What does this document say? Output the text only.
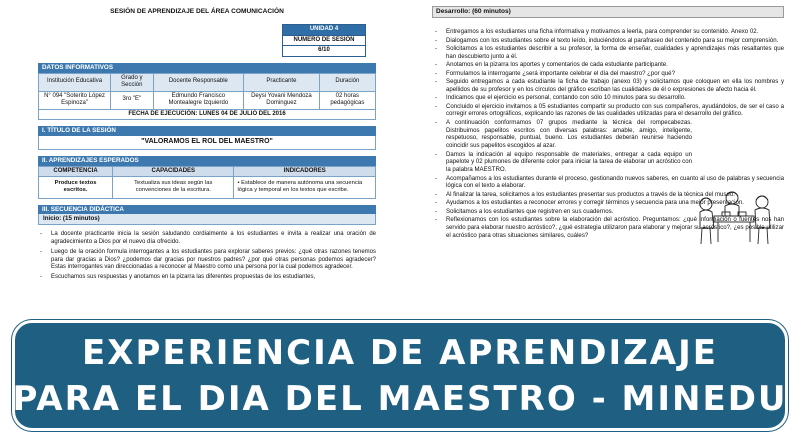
SESIÓN DE APRENDIZAJE DEL ÁREA COMUNICACIÓN
UNIDAD 4
NÚMERO DE SESIÓN
6/10
DATOS INFORMATIVOS
Institución Educativa	Grado y Sección	Docente Responsable	Practicante	Duración
N° 094 "Soterito López Espinoza"	3ro "E"	Edmundo Francisco Montealegre Izquierdo	Deysi Yovani Mendoza Dominguez	02 horas pedagógicas
FECHA DE EJECUCIÓN: LUNES 04 DE JULIO DEL 2016
I. TÍTULO DE LA SESIÓN
"VALORAMOS EL ROL DEL MAESTRO"
II. APRENDIZAJES ESPERADOS
COMPETENCIA	CAPACIDADES	INDICADORES
Produce textos escritos.	Textualiza sus ideas según las convenciones de la escritura.	• Establece de manera autónoma una secuencia lógica y temporal en los textos que escribe.
III. SECUENCIA DIDÁCTICA
Inicio: (15 minutos)
- La docente practicante inicia la sesión saludando cordialmente a los estudiantes e invita a realizar una oración de agradecimiento a Dios por el nuevo día ofrecido.
- Luego de la oración formula interrogantes a los estudiantes para explorar saberes previos: ¿qué otras razones tenemos para dar gracias a Dios? ¿podemos dar gracias por nuestros padres? ¿por qué otras personas podemos agradecer? Estas interrogantes van direccionadas a reconocer al Maestro como una persona por la cual podemos agradecer.
- Escuchamos sus respuestas y anotamos en la pizarra las diferentes propuestas de los estudiantes,
Desarrollo: (60 minutos)
- Entregamos a los estudiantes una ficha informativa y motivamos a leerla, para comprender su contenido. Anexo 02.
- Dialogamos con los estudiantes sobre el texto leído, induciéndolos al parafraseo del contenido para su mejor comprensión.
- Solicitamos a los estudiantes describir a su profesor, la forma de enseñar, cualidades y aprendizajes más resaltantes que han descubierto junto a él.
- Anotamos en la pizarra los aportes y comentarios de cada estudiante participante.
- Formulamos la interrogante ¿será importante celebrar el día del maestro? ¿por qué?
- Seguido entregamos a cada estudiante la ficha de trabajo (anexo 03) y solicitamos que coloquen en ella los nombres y apellidos de su profesor y en los círculos del gráfico escriban las cualidades de él o expresiones de afecto hacia él.
- Indicamos que el ejercicio es personal, contando con sólo 10 minutos para su desarrollo.
- Concluido el ejercicio invitamos a 05 estudiantes compartir su producto con sus compañeros, ayudándolos, de ser el caso a corregir errores ortográficos, explicando las razones de las cualidades utilizadas para el desarrollo del gráfico.
- A continuación conformamos 07 grupos mediante la técnica del rompecabezas. Distribuimos papelitos escritos con diversas palabras: amable, amigo, inteligente, respetuoso, responsable, puntual, bueno. Los estudiantes deberán reunirse haciendo coincidir sus papelitos escogidos al azar.
- Damos la indicación al equipo responsable de materiales, entregar a cada equipo un papelote y 02 plumones de diferente color para iniciar la tarea de elaborar un acróstico con la palabra MAESTRO.
- Acompañamos a los estudiantes durante el proceso, gestionando nuevos saberes, en cuanto al uso de palabras y secuencia lógica con el texto a elaborar.
- Al finalizar la tarea, solicitamos a los estudiantes presentar sus productos a través de la técnica del museo.
- Ayudamos a los estudiantes a reconocer errores y corregir términos y secuencia para una mejor presentación.
- Solicitamos a los estudiantes que registren en sus cuadernos.
- Reflexionamos con los estudiantes sobre la elaboración del acróstico. Preguntamos: ¿qué información o fuentes nos han servido para elaborar nuestro acróstico?, ¿qué estrategia utilizaron para elaborar y mejorar su acróstico?, ¿es posible utilizar el acróstico para otras situaciones similares, cuáles?
EXPERIENCIA DE APRENDIZAJE
PARA EL DIA DEL MAESTRO - MINEDU
